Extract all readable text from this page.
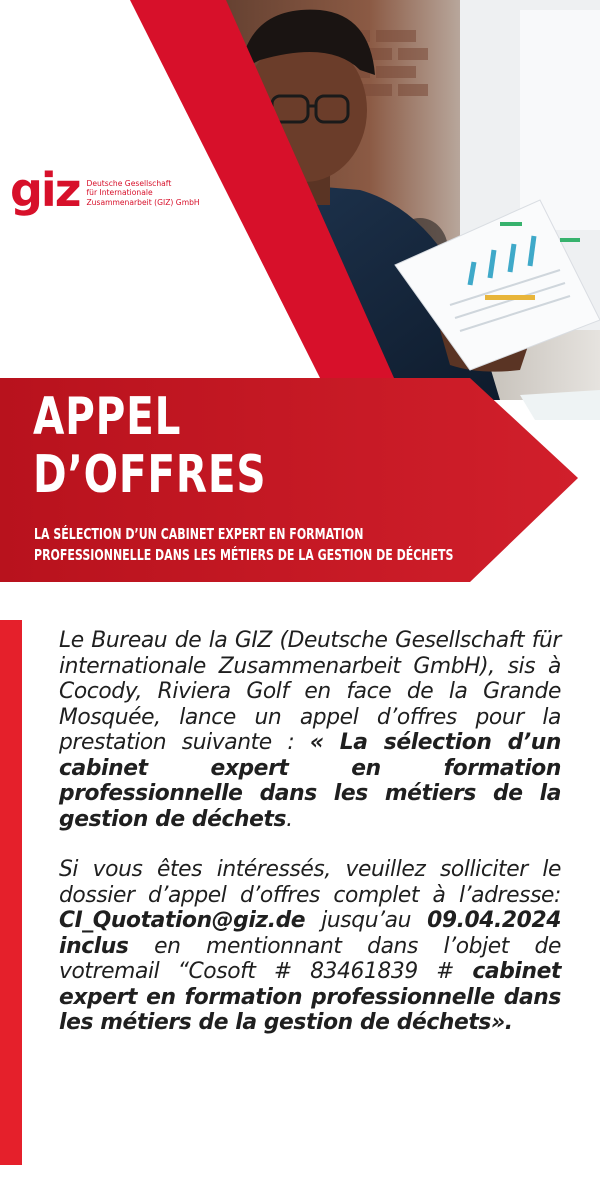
giz Deutsche Gesellschaft
für Internationale
Zusammenarbeit (GIZ) GmbH
APPEL
D’OFFRES
LA SÉLECTION D’UN CABINET EXPERT EN FORMATION
PROFESSIONNELLE DANS LES MÉTIERS DE LA GESTION DE DÉCHETS

Le Bureau de la GIZ (Deutsche Gesellschaft für internationale Zusammenarbeit GmbH), sis à Cocody, Riviera Golf en face de la Grande Mosquée, lance un appel d’offres pour la prestation suivante : « La sélection d’un cabinet expert en formation professionnelle dans les métiers de la gestion de déchets.

Si vous êtes intéressés, veuillez solliciter le dossier d’appel d’offres complet à l’adresse: CI_Quotation@giz.de jusqu’au 09.04.2024 inclus en mentionnant dans l’objet de votremail “Cosoft # 83461839 # cabinet expert en formation professionnelle dans les métiers de la gestion de déchets».
